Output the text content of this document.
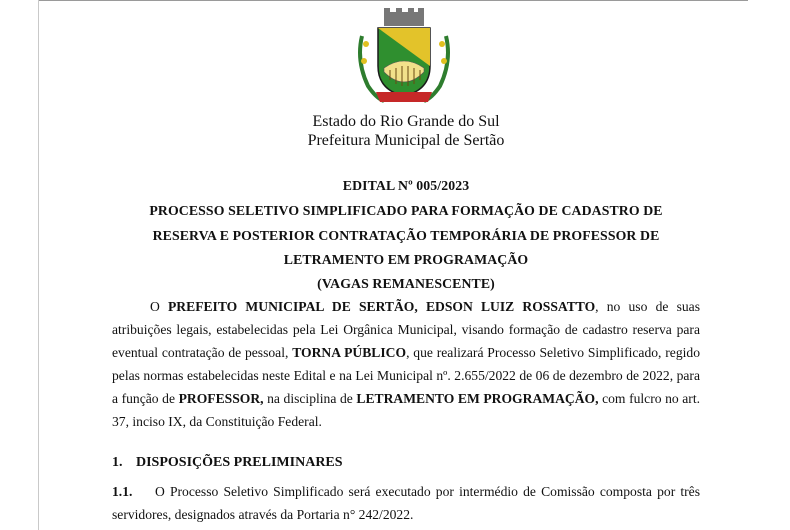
Estado do Rio Grande do Sul
Prefeitura Municipal de Sertão
EDITAL Nº 005/2023
PROCESSO SELETIVO SIMPLIFICADO PARA FORMAÇÃO DE CADASTRO DE
RESERVA E POSTERIOR CONTRATAÇÃO TEMPORÁRIA DE PROFESSOR DE
LETRAMENTO EM PROGRAMAÇÃO
(VAGAS REMANESCENTE)
O PREFEITO MUNICIPAL DE SERTÃO, EDSON LUIZ ROSSATTO, no uso de suas atribuições legais, estabelecidas pela Lei Orgânica Municipal, visando formação de cadastro reserva para eventual contratação de pessoal, TORNA PÚBLICO, que realizará Processo Seletivo Simplificado, regido pelas normas estabelecidas neste Edital e na Lei Municipal nº. 2.655/2022 de 06 de dezembro de 2022, para a função de PROFESSOR, na disciplina de LETRAMENTO EM PROGRAMAÇÃO, com fulcro no art. 37, inciso IX, da Constituição Federal.
1. DISPOSIÇÕES PRELIMINARES
1.1. O Processo Seletivo Simplificado será executado por intermédio de Comissão composta por três servidores, designados através da Portaria n° 242/2022.
